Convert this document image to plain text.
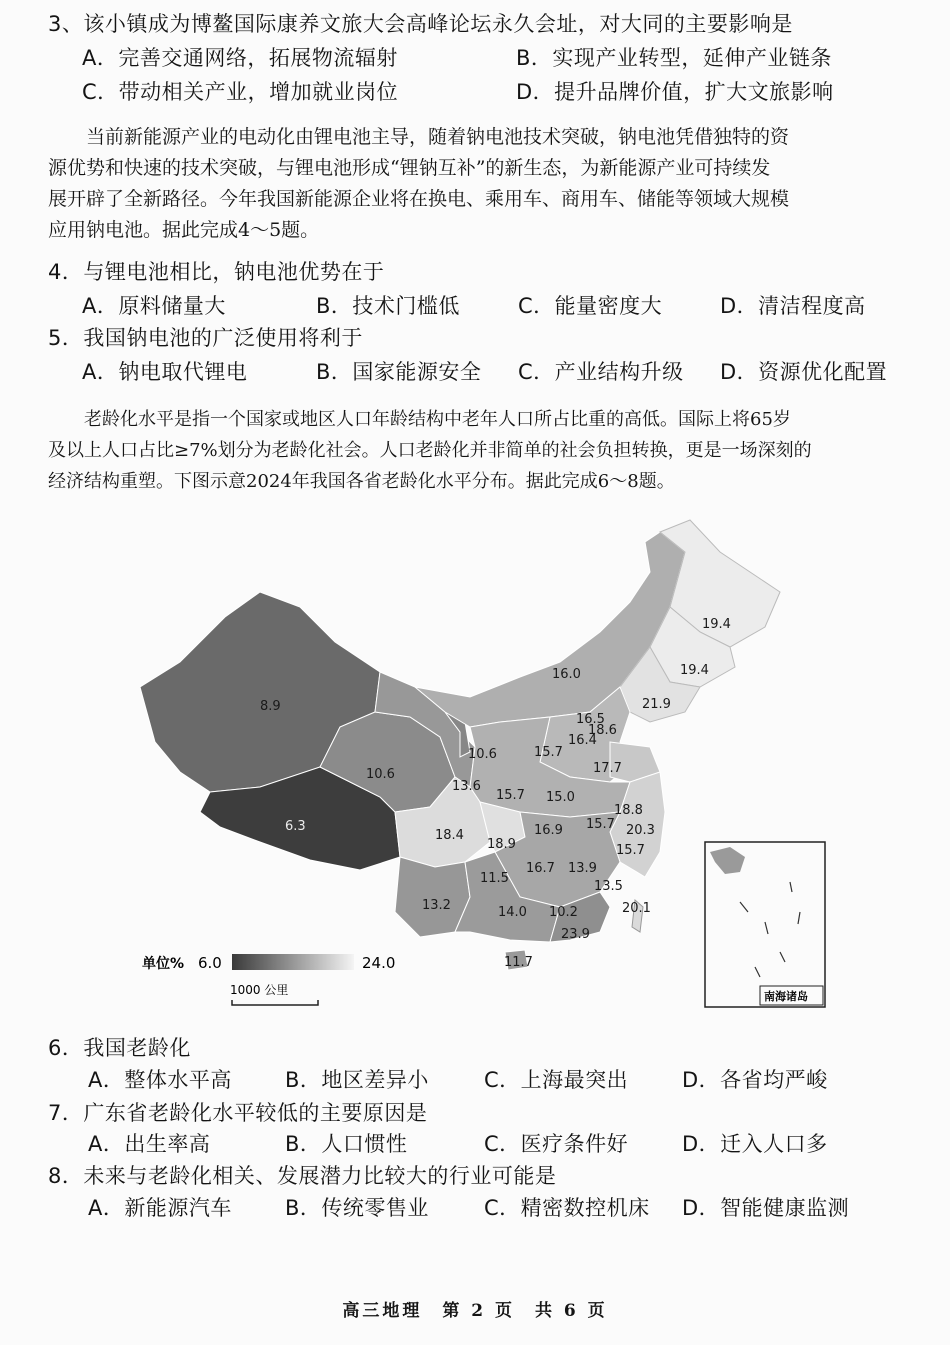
3、该小镇成为博鳌国际康养文旅大会高峰论坛永久会址，对大同的主要影响是
A．完善交通网络，拓展物流辐射	B．实现产业转型，延伸产业链条
C．带动相关产业，增加就业岗位	D．提升品牌价值，扩大文旅影响
当前新能源产业的电动化由锂电池主导，随着钠电池技术突破，钠电池凭借独特的资
源优势和快速的技术突破，与锂电池形成“锂钠互补”的新生态，为新能源产业可持续发
展开辟了全新路径。今年我国新能源企业将在换电、乘用车、商用车、储能等领域大规模
应用钠电池。据此完成4～5题。
4．与锂电池相比，钠电池优势在于
A．原料储量大	B．技术门槛低	C．能量密度大	D．清洁程度高
5．我国钠电池的广泛使用将利于
A．钠电取代锂电	B．国家能源安全 C．产业结构升级 D．资源优化配置
老龄化水平是指一个国家或地区人口年龄结构中老年人口所占比重的高低。国际上将65岁
及以上人口占比≥7%划分为老龄化社会。人口老龄化并非简单的社会负担转换，更是一场深刻的
经济结构重塑。下图示意2024年我国各省老龄化水平分布。据此完成6～8题。
8.9
6.3
10.6
13.6
10.6
16.0
19.4
19.4
21.9
16.5
18.6
16.4
15.7
17.7
15.7 15.0
18.8
20.3
15.7
15.7
16.9
18.4
18.9
16.7 13.9
13.5
11.5
13.2	14.0 10.2
23.9
20.1
11.7
单位% 6.0	24.0
1000 公里	南海诸岛
6．我国老龄化
A．整体水平高	B．地区差异小	C．上海最突出	D．各省均严峻
7．广东省老龄化水平较低的主要原因是
A．出生率高	B．人口惯性	C．医疗条件好	D．迁入人口多
8．未来与老龄化相关、发展潜力比较大的行业可能是
A．新能源汽车	B．传统零售业	C．精密数控机床 D．智能健康监测
高三地理　第 2 页　共 6 页
